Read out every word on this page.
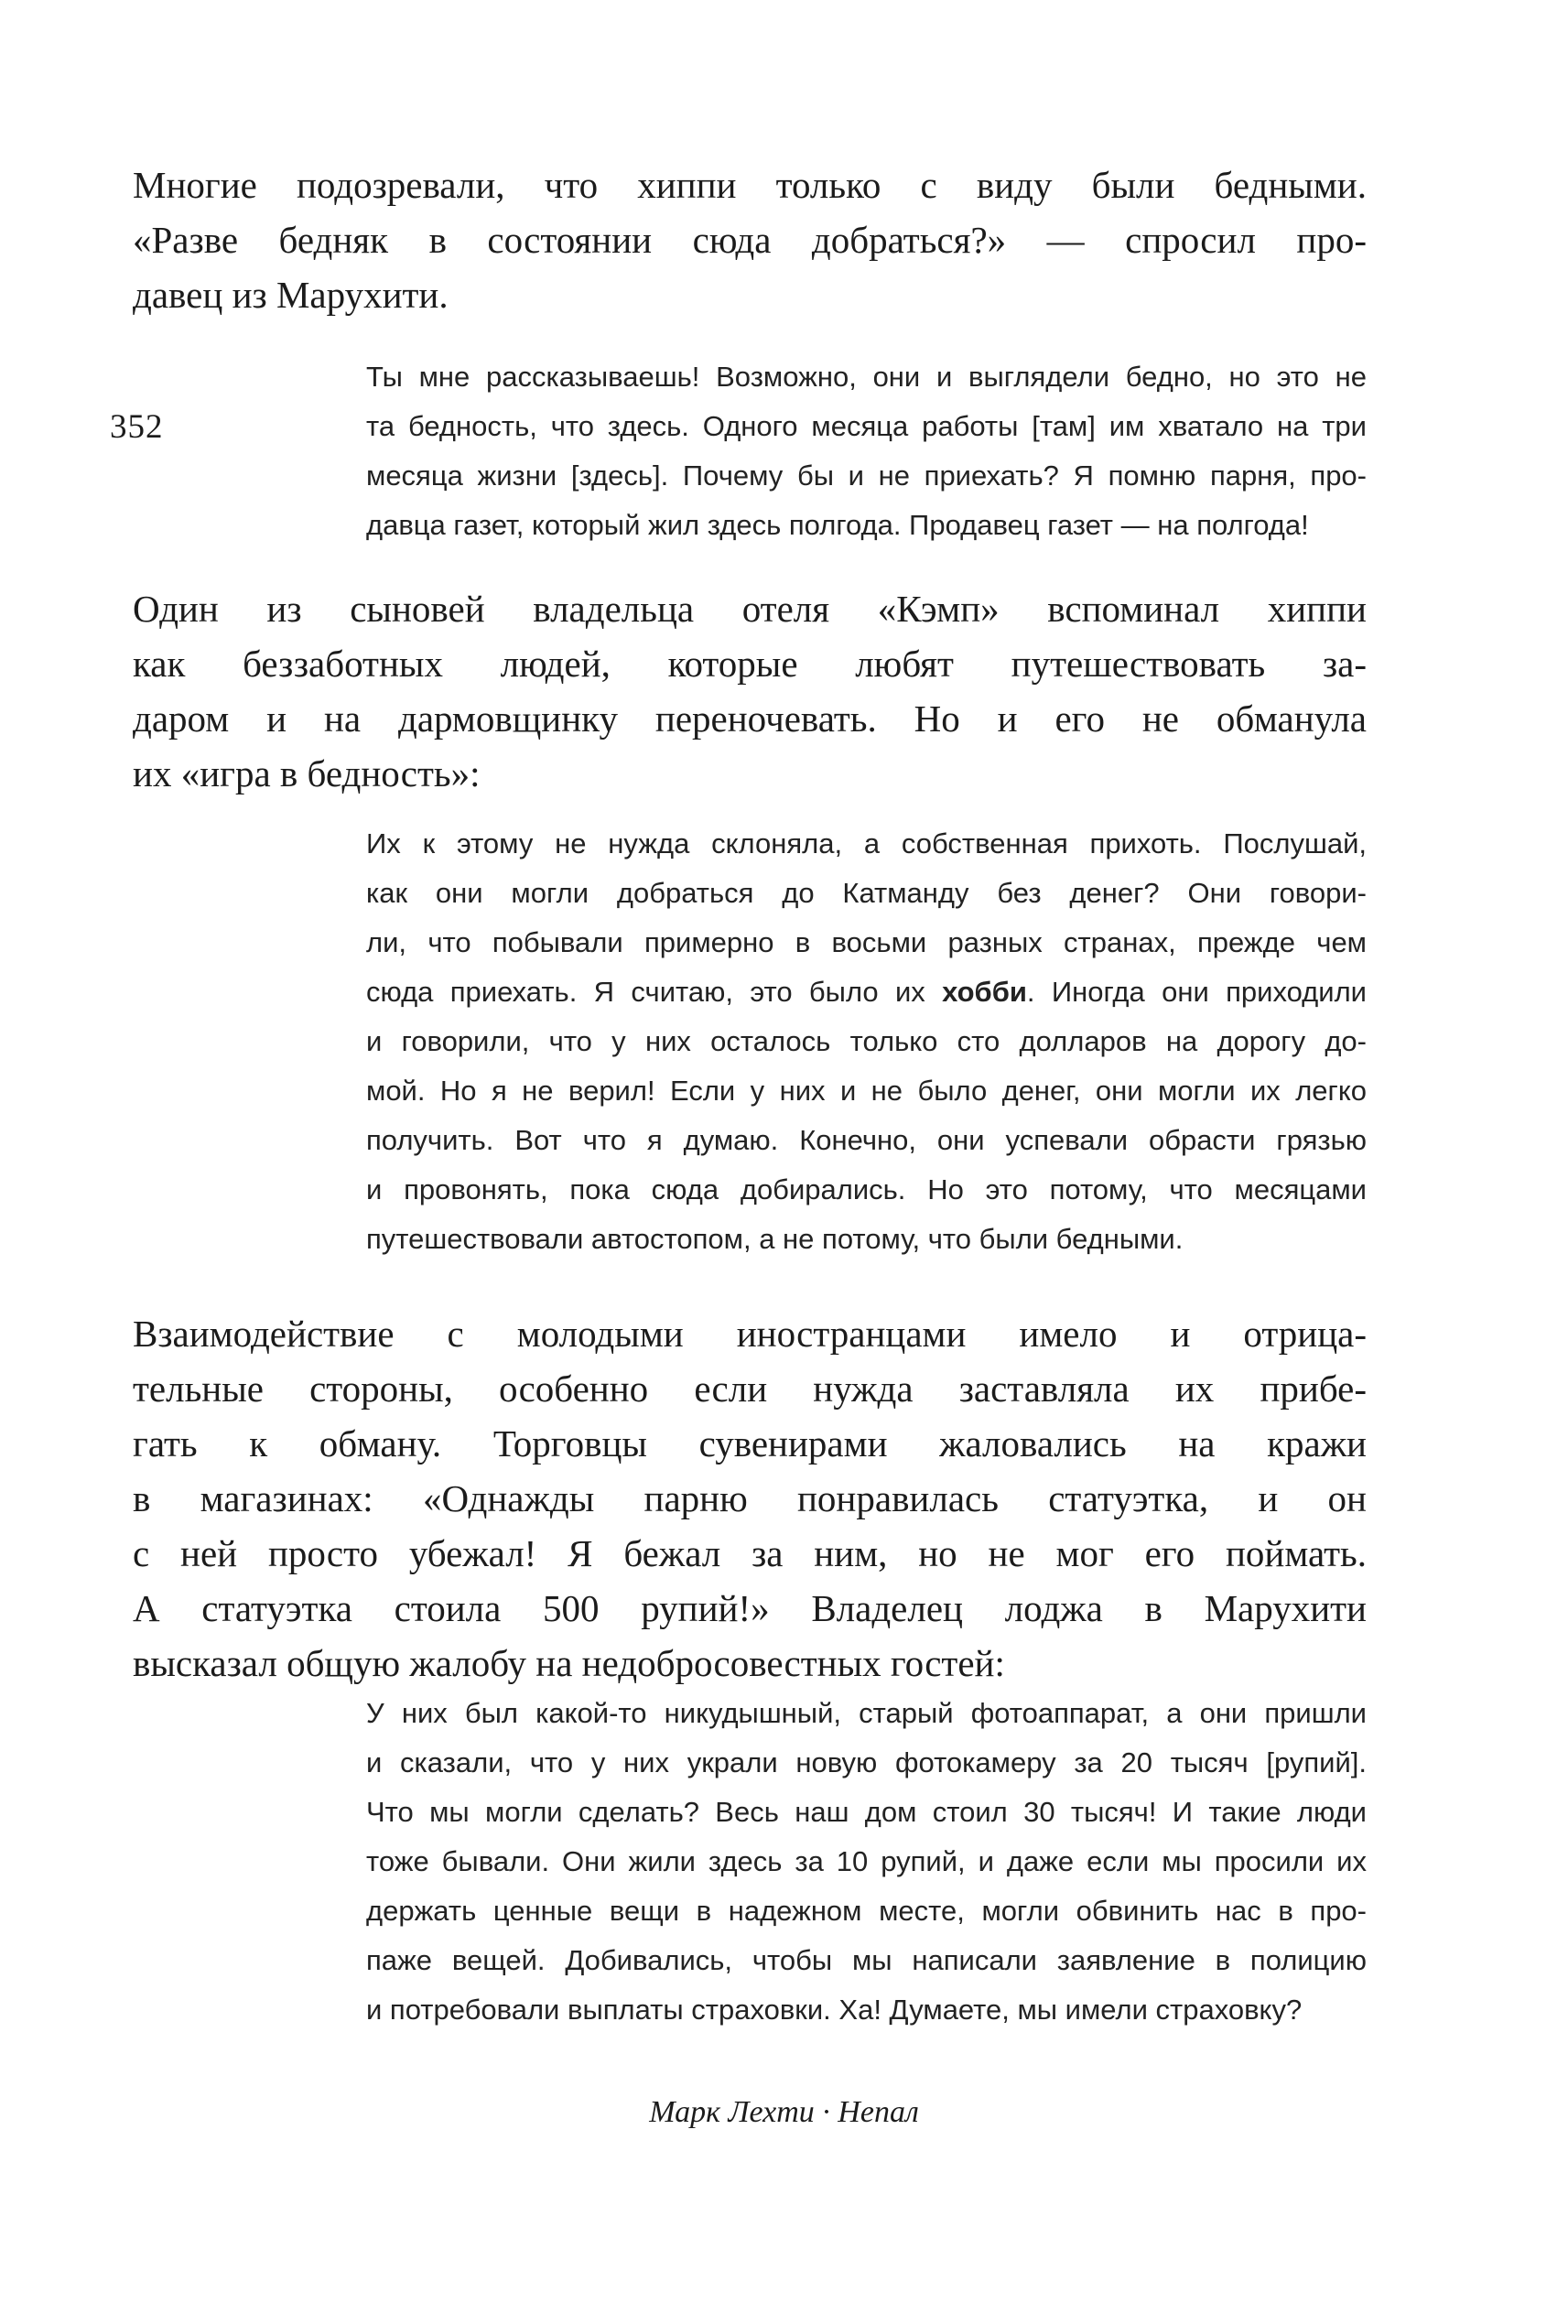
352
Многие подозревали, что хиппи только с виду были бедными.
«Разве бедняк в состоянии сюда добраться?» — спросил про-
давец из Марухити.
Ты мне рассказываешь! Возможно, они и выглядели бедно, но это не
та бедность, что здесь. Одного месяца работы [там] им хватало на три
месяца жизни [здесь]. Почему бы и не приехать? Я помню парня, про-
давца газет, который жил здесь полгода. Продавец газет — на полгода!
Один из сыновей владельца отеля «Кэмп» вспоминал хиппи
как беззаботных людей, которые любят путешествовать за-
даром и на дармовщинку переночевать. Но и его не обманула
их «игра в бедность»:
Их к этому не нужда склоняла, а собственная прихоть. Послушай,
как они могли добраться до Катманду без денег? Они говори-
ли, что побывали примерно в восьми разных странах, прежде чем
сюда приехать. Я считаю, это было их хобби. Иногда они приходили
и говорили, что у них осталось только сто долларов на дорогу до-
мой. Но я не верил! Если у них и не было денег, они могли их легко
получить. Вот что я думаю. Конечно, они успевали обрасти грязью
и провонять, пока сюда добирались. Но это потому, что месяцами
путешествовали автостопом, а не потому, что были бедными.
Взаимодействие с молодыми иностранцами имело и отрица-
тельные стороны, особенно если нужда заставляла их прибе-
гать к обману. Торговцы сувенирами жаловались на кражи
в магазинах: «Однажды парню понравилась статуэтка, и он
с ней просто убежал! Я бежал за ним, но не мог его поймать.
А статуэтка стоила 500 рупий!» Владелец лоджа в Марухити
высказал общую жалобу на недобросовестных гостей:
У них был какой-то никудышный, старый фотоаппарат, а они пришли
и сказали, что у них украли новую фотокамеру за 20 тысяч [рупий].
Что мы могли сделать? Весь наш дом стоил 30 тысяч! И такие люди
тоже бывали. Они жили здесь за 10 рупий, и даже если мы просили их
держать ценные вещи в надежном месте, могли обвинить нас в про-
паже вещей. Добивались, чтобы мы написали заявление в полицию
и потребовали выплаты страховки. Ха! Думаете, мы имели страховку?
Марк Лехти · Непал
